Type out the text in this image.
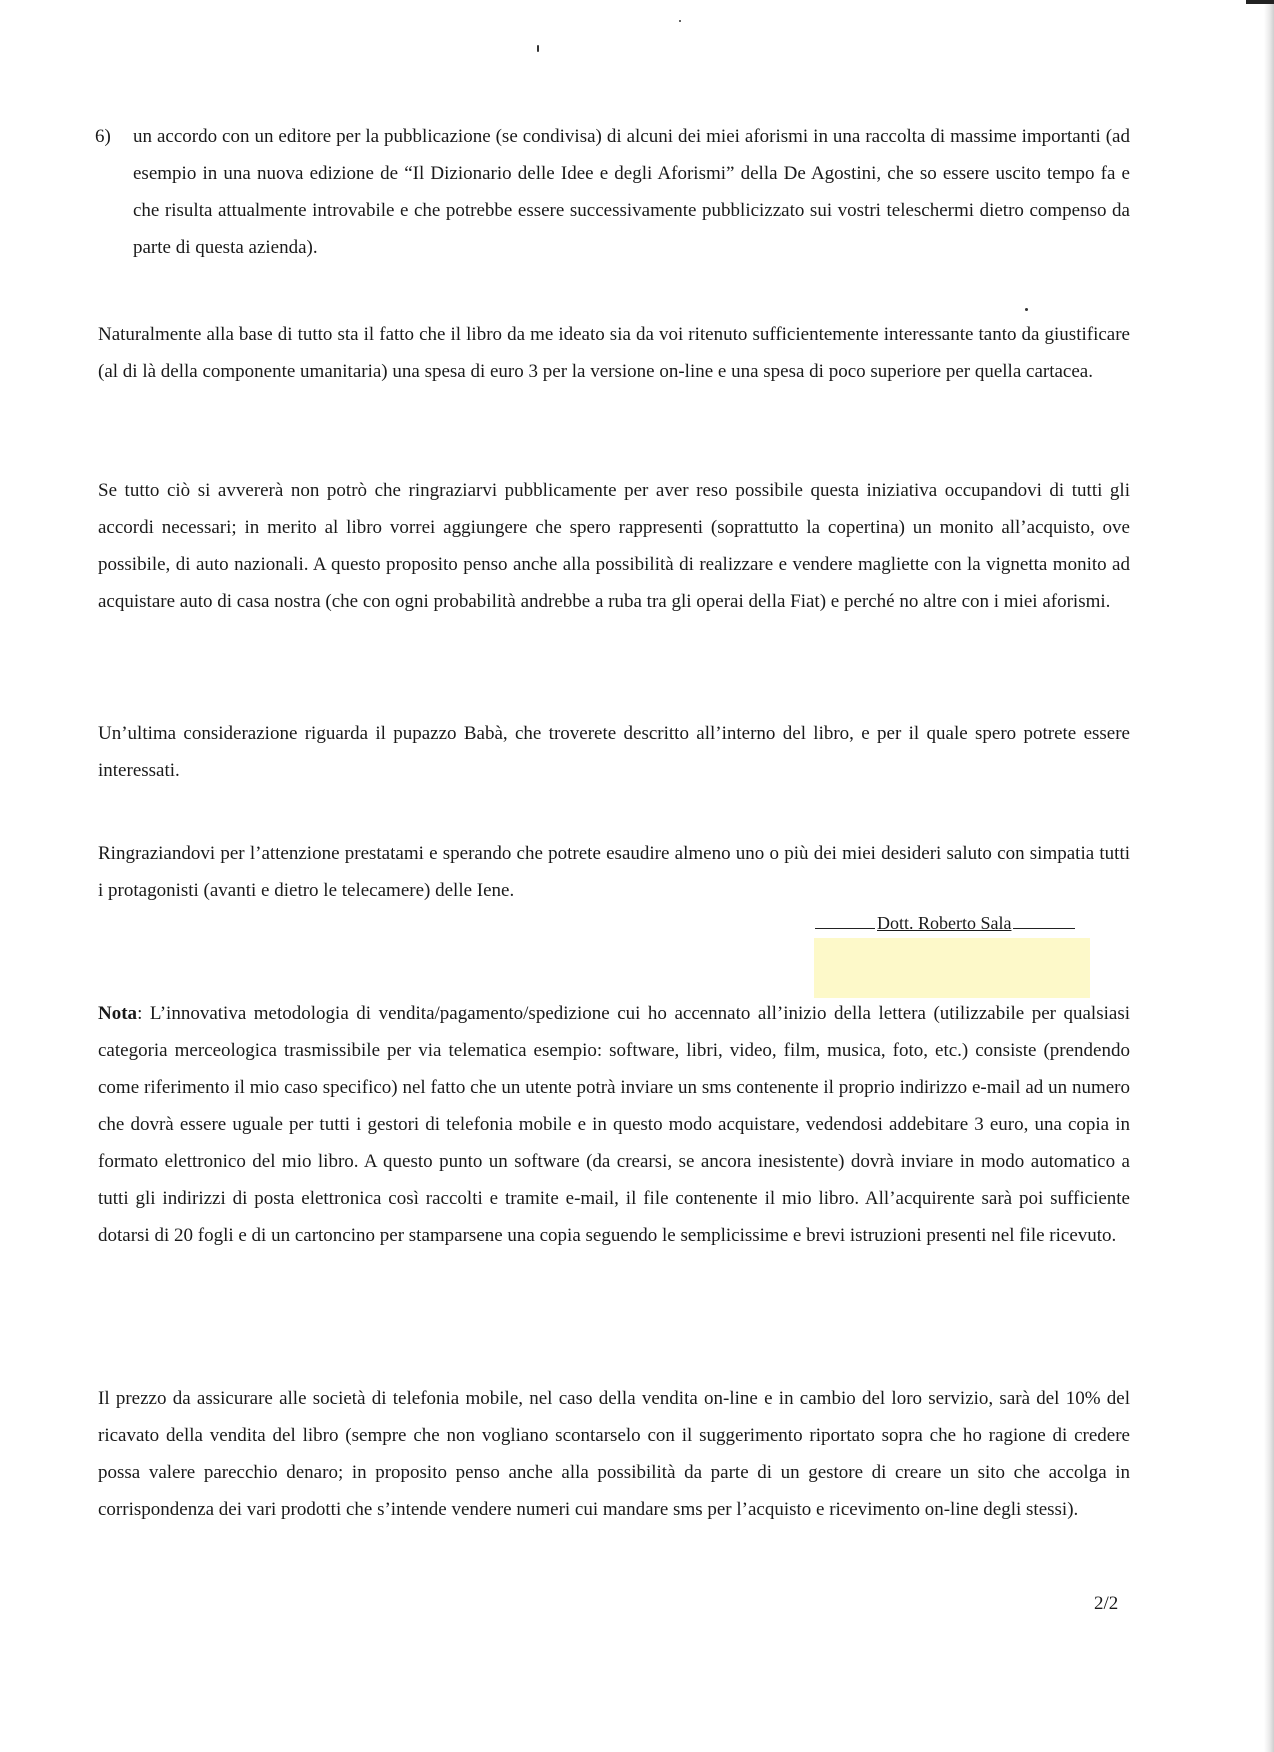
6) un accordo con un editore per la pubblicazione (se condivisa) di alcuni dei miei aforismi in una raccolta di massime importanti (ad esempio in una nuova edizione de “Il Dizionario delle Idee e degli Aforismi” della De Agostini, che so essere uscito tempo fa e che risulta attualmente introvabile e che potrebbe essere successivamente pubblicizzato sui vostri teleschermi dietro compenso da parte di questa azienda).

Naturalmente alla base di tutto sta il fatto che il libro da me ideato sia da voi ritenuto sufficientemente interessante tanto da giustificare (al di là della componente umanitaria) una spesa di euro 3 per la versione on-line e una spesa di poco superiore per quella cartacea.

Se tutto ciò si avvererà non potrò che ringraziarvi pubblicamente per aver reso possibile questa iniziativa occupandovi di tutti gli accordi necessari; in merito al libro vorrei aggiungere che spero rappresenti (soprattutto la copertina) un monito all’acquisto, ove possibile, di auto nazionali. A questo proposito penso anche alla possibilità di realizzare e vendere magliette con la vignetta monito ad acquistare auto di casa nostra (che con ogni probabilità andrebbe a ruba tra gli operai della Fiat) e perché no altre con i miei aforismi.

Un’ultima considerazione riguarda il pupazzo Babà, che troverete descritto all’interno del libro, e per il quale spero potrete essere interessati.

Ringraziandovi per l’attenzione prestatami e sperando che potrete esaudire almeno uno o più dei miei desideri saluto con simpatia tutti i protagonisti (avanti e dietro le telecamere) delle Iene.

Dott. Roberto Sala

Nota: L’innovativa metodologia di vendita/pagamento/spedizione cui ho accennato all’inizio della lettera (utilizzabile per qualsiasi categoria merceologica trasmissibile per via telematica esempio: software, libri, video, film, musica, foto, etc.) consiste (prendendo come riferimento il mio caso specifico) nel fatto che un utente potrà inviare un sms contenente il proprio indirizzo e-mail ad un numero che dovrà essere uguale per tutti i gestori di telefonia mobile e in questo modo acquistare, vedendosi addebitare 3 euro, una copia in formato elettronico del mio libro. A questo punto un software (da crearsi, se ancora inesistente) dovrà inviare in modo automatico a tutti gli indirizzi di posta elettronica così raccolti e tramite e-mail, il file contenente il mio libro. All’acquirente sarà poi sufficiente dotarsi di 20 fogli e di un cartoncino per stamparsene una copia seguendo le semplicissime e brevi istruzioni presenti nel file ricevuto.

Il prezzo da assicurare alle società di telefonia mobile, nel caso della vendita on-line e in cambio del loro servizio, sarà del 10% del ricavato della vendita del libro (sempre che non vogliano scontarselo con il suggerimento riportato sopra che ho ragione di credere possa valere parecchio denaro; in proposito penso anche alla possibilità da parte di un gestore di creare un sito che accolga in corrispondenza dei vari prodotti che s’intende vendere numeri cui mandare sms per l’acquisto e ricevimento on-line degli stessi).

2/2
